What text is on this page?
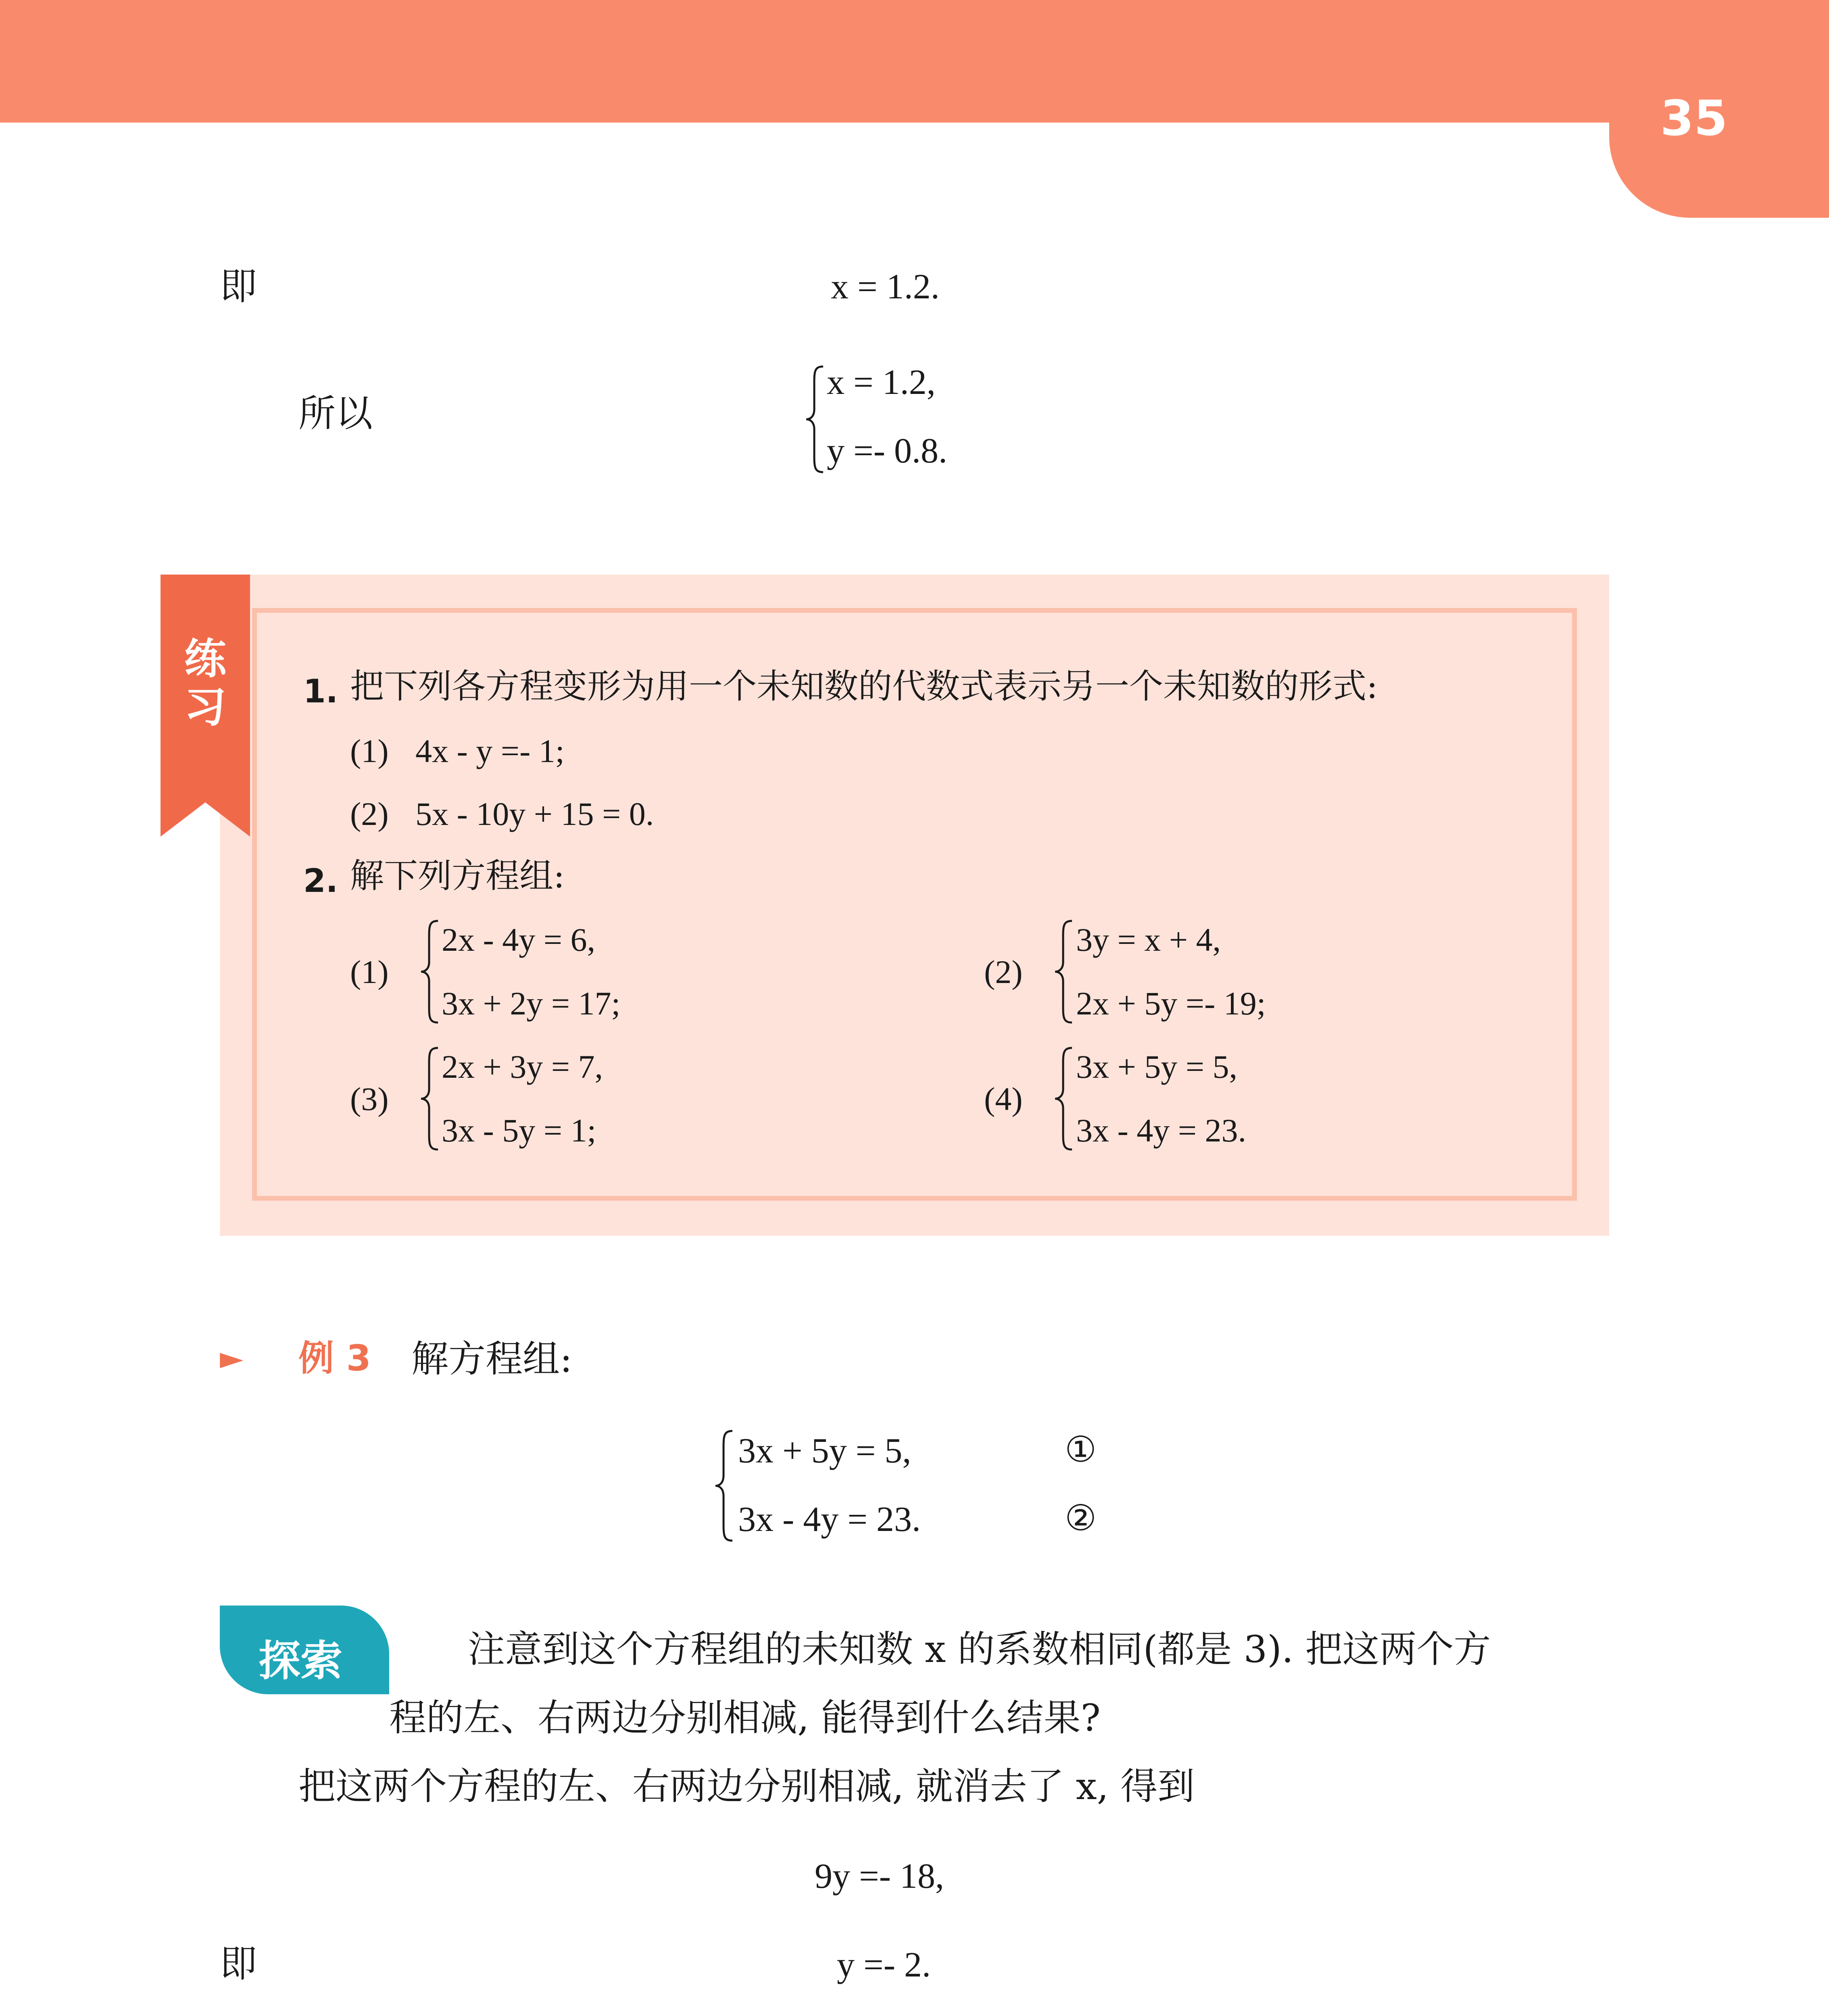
35
即	x = 1.2.
所以
x = 1.2,
y =- 0.8.
练 习	1. 把下列各方程变形为用一个未知数的代数式表示另一个未知数的形式:
(1) 4x - y =- 1;
(2) 5x - 10y + 15 = 0.
2. 解下列方程组:
(1)
2x - 4y = 6,
3x + 2y = 17;
(2)
3y = x + 4,
2x + 5y =- 19;
(3)
2x + 3y = 7,
3x - 5y = 1;
(4)
3x + 5y = 5,
3x - 4y = 23.
► 例 3 解方程组:
3x + 5y = 5,	①
3x - 4y = 23.	②
探索	注意到这个方程组的未知数 x 的系数相同(都是 3). 把这两个方
程的左、右两边分别相减, 能得到什么结果?
把这两个方程的左、右两边分别相减, 就消去了 x, 得到
9y =- 18,
即	y =- 2.
